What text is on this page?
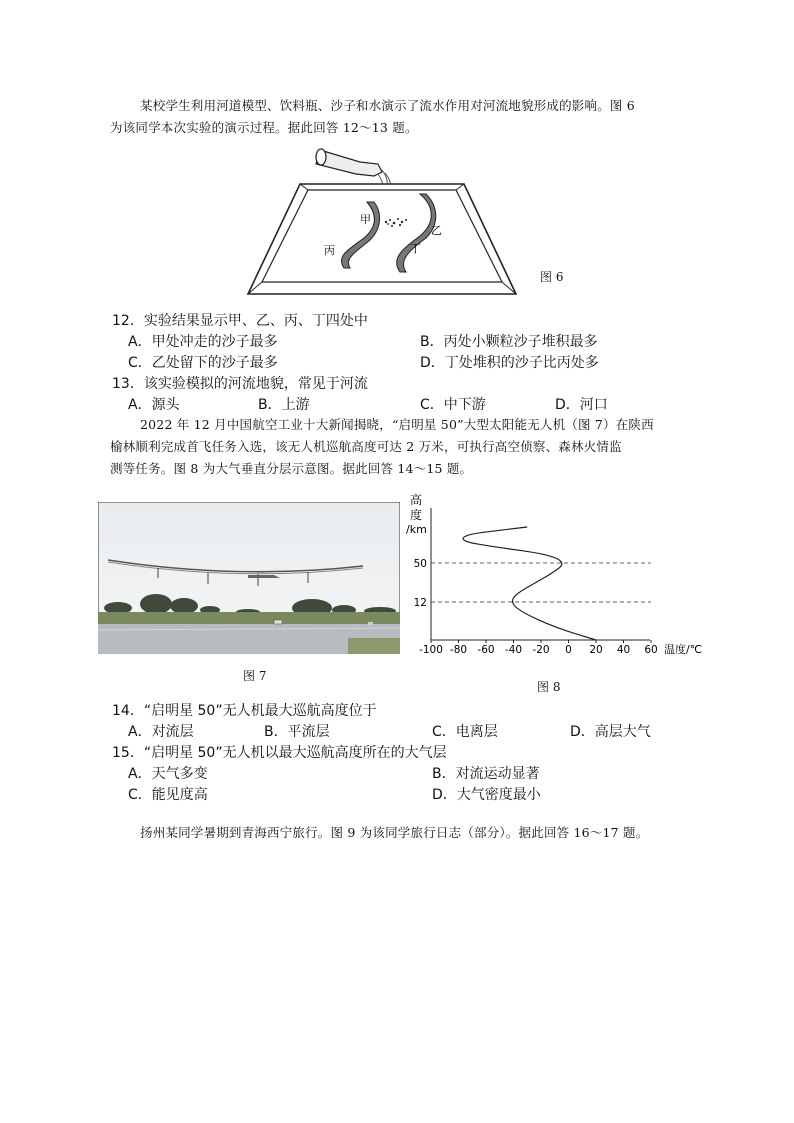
某校学生利用河道模型、饮料瓶、沙子和水演示了流水作用对河流地貌形成的影响。图 6
为该同学本次实验的演示过程。据此回答 12～13 题。
甲
乙
丙	丁
图 6
12．实验结果显示甲、乙、丙、丁四处中
A．甲处冲走的沙子最多	B．丙处小颗粒沙子堆积最多
C．乙处留下的沙子最多	D．丁处堆积的沙子比丙处多
13．该实验模拟的河流地貌，常见于河流
A．源头	B．上游	C．中下游	D．河口
2022 年 12 月中国航空工业十大新闻揭晓，“启明星 50”大型太阳能无人机（图 7）在陕西
榆林顺利完成首飞任务入选，该无人机巡航高度可达 2 万米，可执行高空侦察、森林火情监
测等任务。图 8 为大气垂直分层示意图。据此回答 14～15 题。
图 7
高
度
/km
温度/℃
-100 -80 -60 -40 -20 0 20 40 60
12
50
图 8
14．“启明星 50”无人机最大巡航高度位于
A．对流层	B．平流层	C．电离层	D．高层大气
15．“启明星 50”无人机以最大巡航高度所在的大气层
A．天气多变	B．对流运动显著
C．能见度高	D．大气密度最小
扬州某同学暑期到青海西宁旅行。图 9 为该同学旅行日志（部分）。据此回答 16～17 题。
